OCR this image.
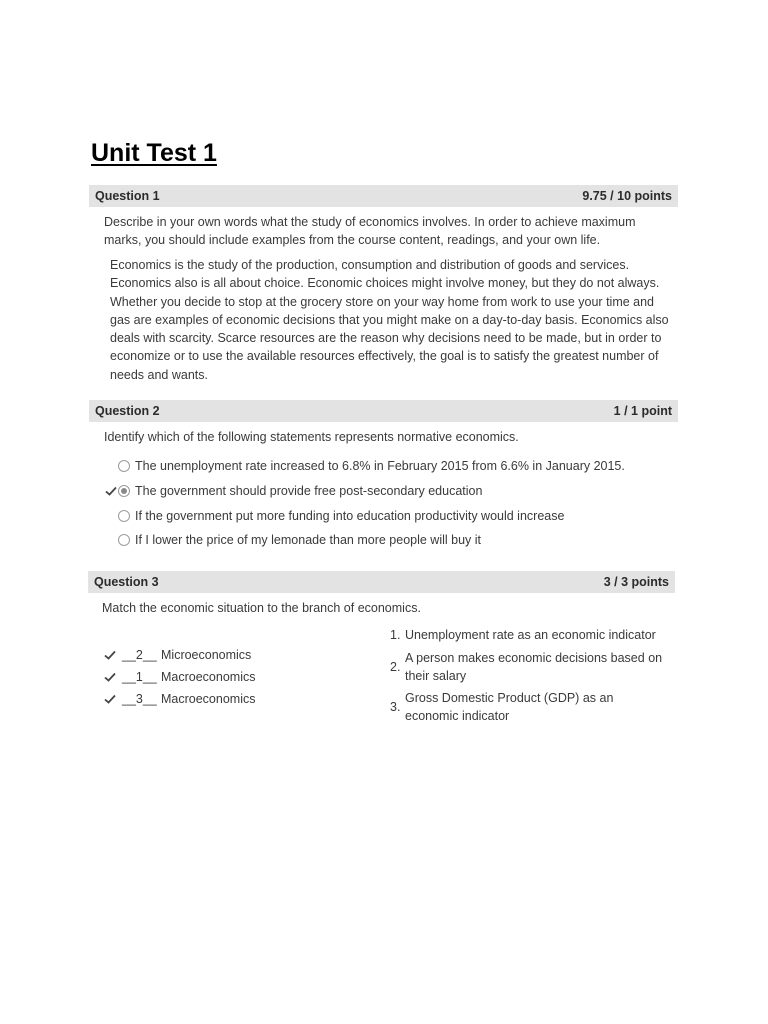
Unit Test 1
Question 1	9.75 / 10 points
Describe in your own words what the study of economics involves. In order to achieve maximum marks, you should include examples from the course content, readings, and your own life.
Economics is the study of the production, consumption and distribution of goods and services. Economics also is all about choice. Economic choices might involve money, but they do not always. Whether you decide to stop at the grocery store on your way home from work to use your time and gas are examples of economic decisions that you might make on a day-to-day basis. Economics also deals with scarcity. Scarce resources are the reason why decisions need to be made, but in order to economize or to use the available resources effectively, the goal is to satisfy the greatest number of needs and wants.
Question 2	1 / 1 point
Identify which of the following statements represents normative economics.
The unemployment rate increased to 6.8% in February 2015 from 6.6% in January 2015.
The government should provide free post-secondary education
If the government put more funding into education productivity would increase
If I lower the price of my lemonade than more people will buy it
Question 3	3 / 3 points
Match the economic situation to the branch of economics.
__2__ Microeconomics
__1__ Macroeconomics
__3__ Macroeconomics
1. Unemployment rate as an economic indicator
2.
A person makes economic decisions based on their salary
3.
Gross Domestic Product (GDP) as an economic indicator
